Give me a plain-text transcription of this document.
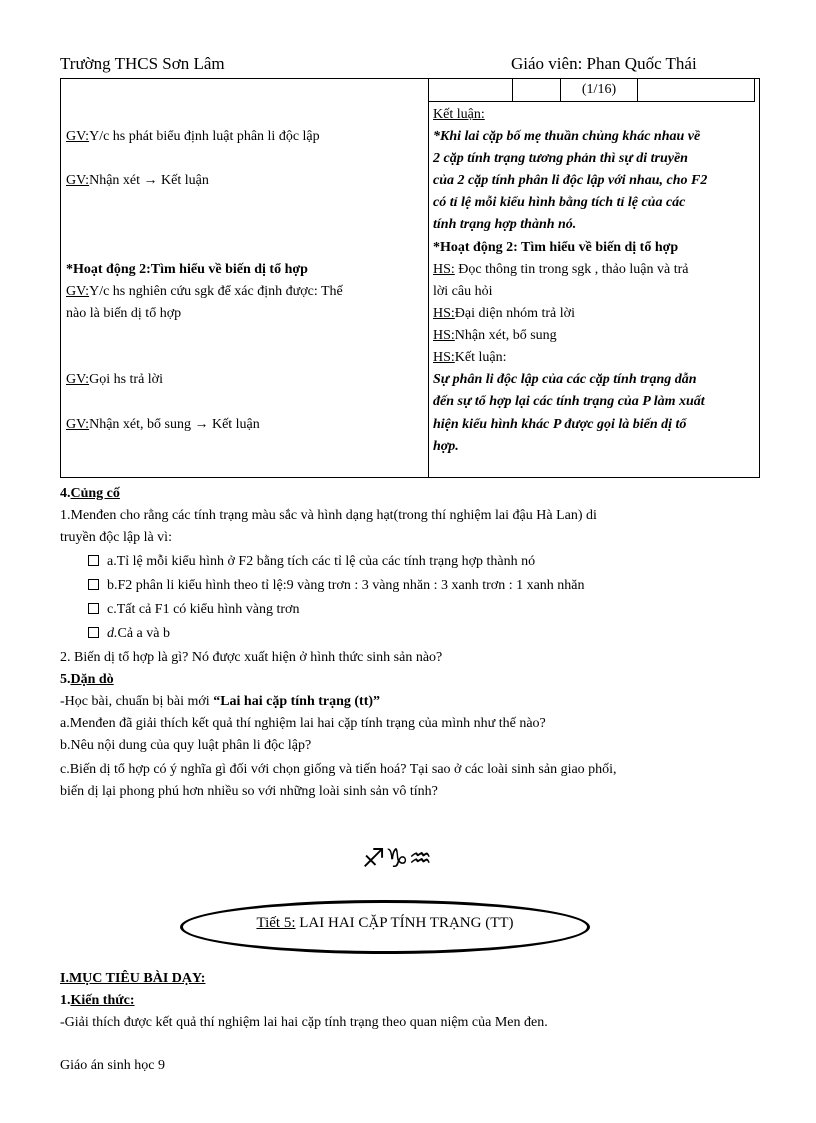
Trường THCS Sơn Lâm	Giáo viên: Phan Quốc Thái
		(1/16)	
GV:Y/c hs phát biểu định luật phân li độc lập
GV:Nhận xét → Kết luận
*Hoạt động 2:Tìm hiểu về biến dị tổ hợp
GV:Y/c hs nghiên cứu sgk để xác định được: Thế
nào là biến dị tổ hợp
GV:Gọi hs trả lời
GV:Nhận xét, bổ sung → Kết luận
Kết luận:
*Khi lai cặp bố mẹ thuần chủng khác nhau về
2 cặp tính trạng tương phản thì sự di truyền
của 2 cặp tính phân li độc lập với nhau, cho F2
có tỉ lệ mỗi kiểu hình bằng tích tỉ lệ của các
tính trạng hợp thành nó.
*Hoạt động 2: Tìm hiểu về biến dị tổ hợp
HS: Đọc thông tin trong sgk , thảo luận và trả
lời câu hỏi
HS:Đại diện nhóm trả lời
HS:Nhận xét, bổ sung
HS:Kết luận:
Sự phân li độc lập của các cặp tính trạng dẫn
đến sự tổ hợp lại các tính trạng của P làm xuất
hiện kiểu hình khác P được gọi là biến dị tổ
hợp.
4.Củng cố
1.Menđen cho rằng các tính trạng màu sắc và hình dạng hạt(trong thí nghiệm lai đậu Hà Lan) di
truyền độc lập là vì:
a.Tỉ lệ mỗi kiểu hình ở F2 bằng tích các tỉ lệ của các tính trạng hợp thành nó
b.F2 phân li kiểu hình theo tỉ lệ:9 vàng trơn : 3 vàng nhăn : 3 xanh trơn : 1 xanh nhăn
c.Tất cả F1 có kiểu hình vàng trơn
d.Cả a và b
2. Biến dị tổ hợp là gì? Nó được xuất hiện ở hình thức sinh sản nào?
5.Dặn dò
-Học bài, chuẩn bị bài mới “Lai hai cặp tính trạng (tt)”
a.Menđen đã giải thích kết quả thí nghiệm lai hai cặp tính trạng của mình như thế nào?
b.Nêu nội dung của quy luật phân li độc lập?
c.Biến dị tổ hợp có ý nghĩa gì đối với chọn giống và tiến hoá? Tại sao ở các loài sinh sản giao phối,
biến dị lại phong phú hơn nhiều so với những loài sinh sản vô tính?
♐♑♒
Tiết 5: LAI HAI CẶP TÍNH TRẠNG (TT)
I.MỤC TIÊU BÀI DẠY:
1.Kiến thức:
-Giải thích được kết quả thí nghiệm lai hai cặp tính trạng theo quan niệm của Men đen.
Giáo án sinh học 9
